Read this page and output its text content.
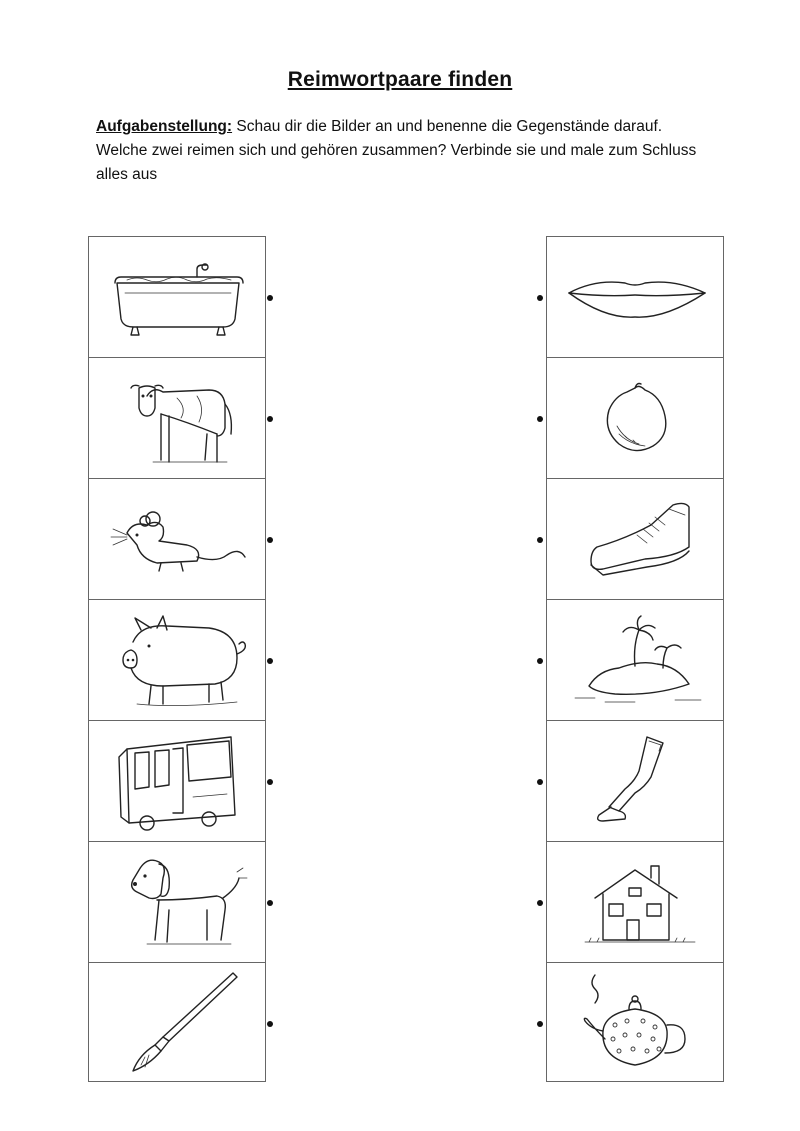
Reimwortpaare finden
Aufgabenstellung: Schau dir die Bilder an und benenne die Gegenstände darauf. Welche zwei reimen sich und gehören zusammen? Verbinde sie und male zum Schluss alles aus
